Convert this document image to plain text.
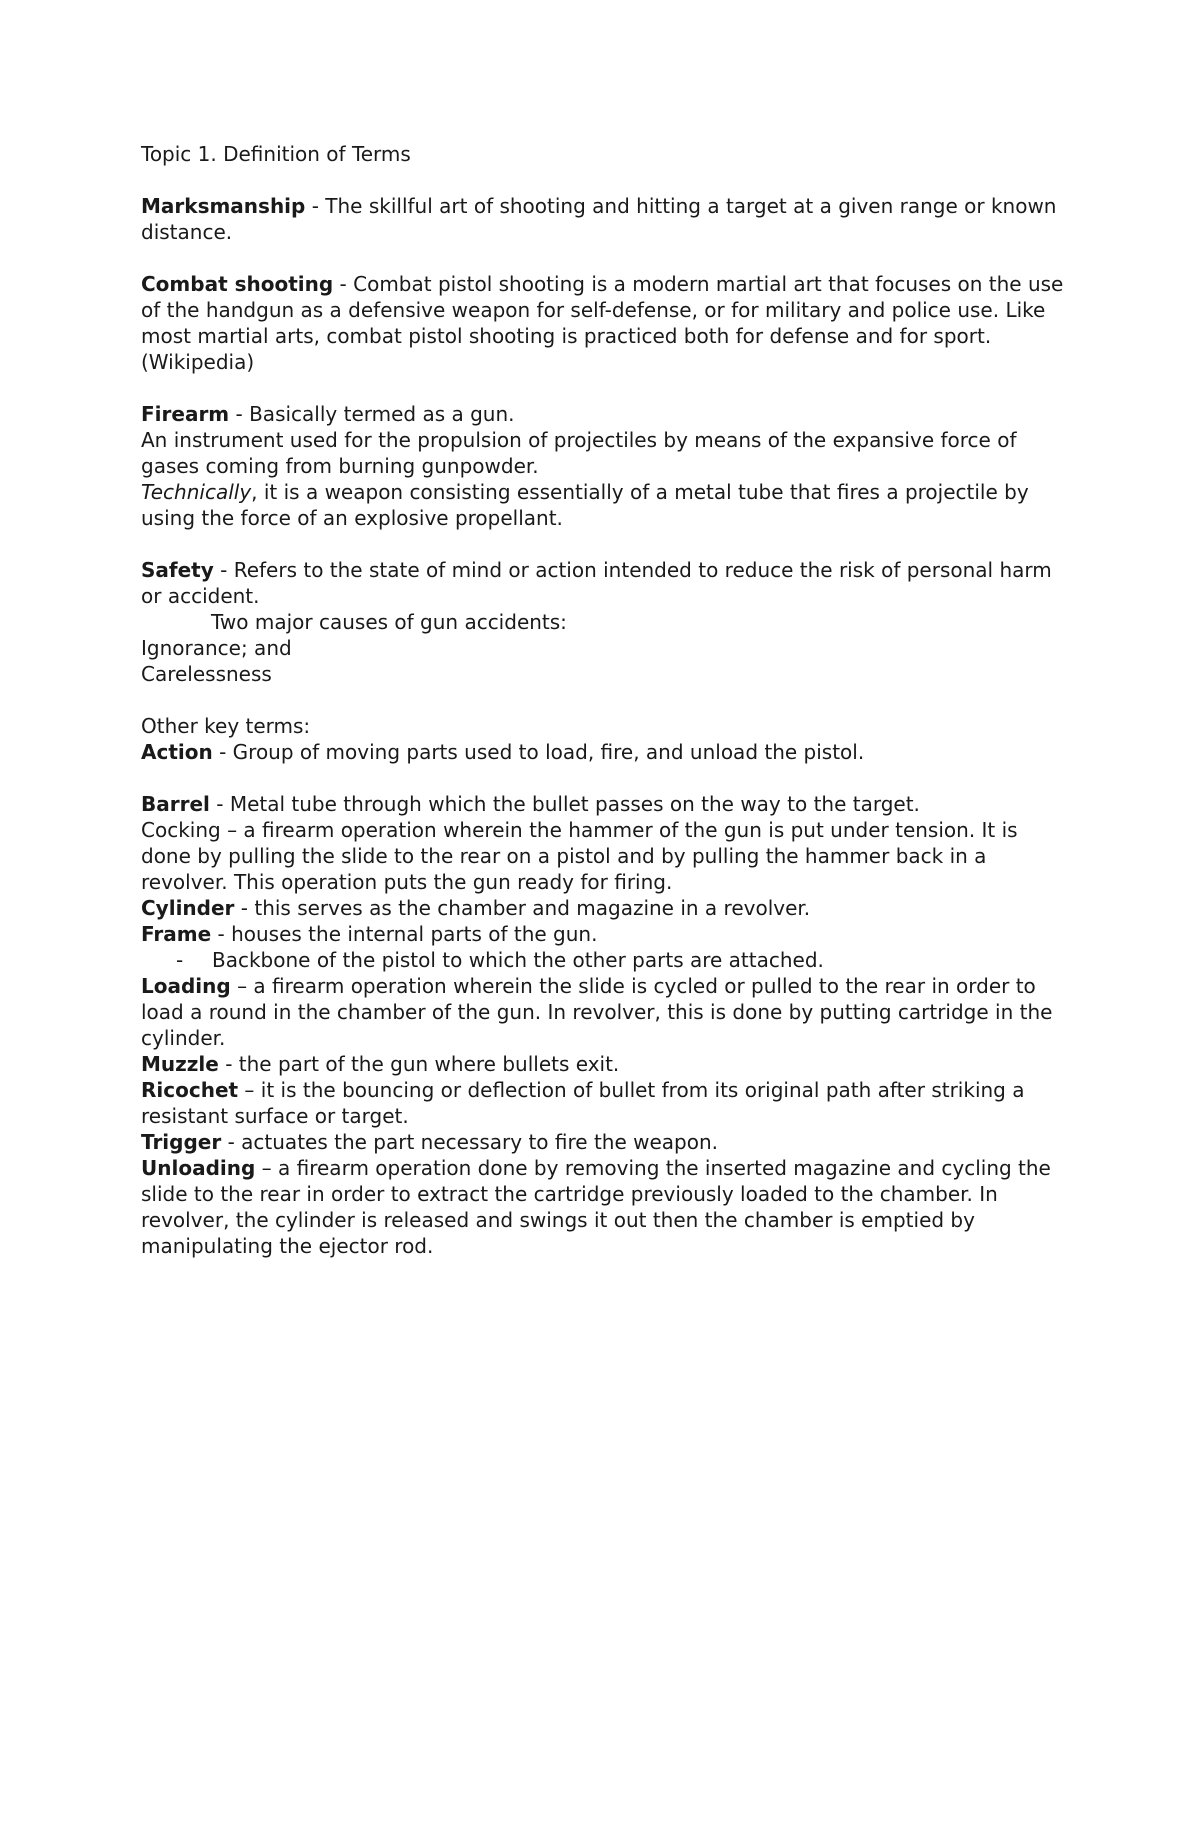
Topic 1. Definition of Terms
Marksmanship - The skillful art of shooting and hitting a target at a given range or known distance.
Combat shooting - Combat pistol shooting is a modern martial art that focuses on the use of the handgun as a defensive weapon for self-defense, or for military and police use. Like most martial arts, combat pistol shooting is practiced both for defense and for sport. (Wikipedia)
Firearm - Basically termed as a gun.
An instrument used for the propulsion of projectiles by means of the expansive force of gases coming from burning gunpowder.
Technically, it is a weapon consisting essentially of a metal tube that fires a projectile by using the force of an explosive propellant.
Safety - Refers to the state of mind or action intended to reduce the risk of personal harm or accident.
Two major causes of gun accidents:
Ignorance; and
Carelessness
Other key terms:
Action - Group of moving parts used to load, fire, and unload the pistol.
Barrel - Metal tube through which the bullet passes on the way to the target.
Cocking – a firearm operation wherein the hammer of the gun is put under tension. It is done by pulling the slide to the rear on a pistol and by pulling the hammer back in a revolver. This operation puts the gun ready for firing.
Cylinder - this serves as the chamber and magazine in a revolver.
Frame - houses the internal parts of the gun.
- Backbone of the pistol to which the other parts are attached.
Loading – a firearm operation wherein the slide is cycled or pulled to the rear in order to load a round in the chamber of the gun. In revolver, this is done by putting cartridge in the cylinder.
Muzzle - the part of the gun where bullets exit.
Ricochet – it is the bouncing or deflection of bullet from its original path after striking a resistant surface or target.
Trigger - actuates the part necessary to fire the weapon.
Unloading – a firearm operation done by removing the inserted magazine and cycling the slide to the rear in order to extract the cartridge previously loaded to the chamber. In revolver, the cylinder is released and swings it out then the chamber is emptied by manipulating the ejector rod.
